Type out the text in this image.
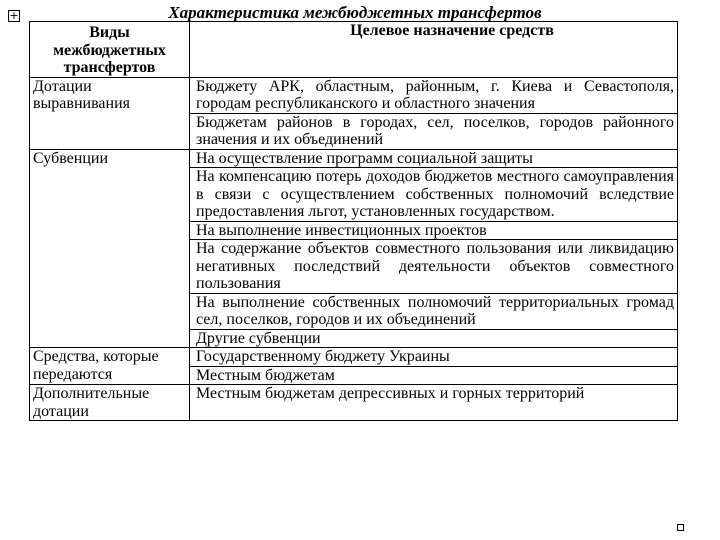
+	Характеристика межбюджетных трансфертов
Виды межбюджетных трансфертов	Целевое назначение средств
Дотации выравнивания	Бюджету АРК, областным, районным, г. Киева и Севастополя, городам республиканского и областного значения
	Бюджетам районов в городах, сел, поселков, городов районного значения и их объединений
Субвенции	На осуществление программ социальной защиты
	На компенсацию потерь доходов бюджетов местного самоуправления в связи с осуществлением собственных полномочий вследствие предоставления льгот, установленных государством.
	На выполнение инвестиционных проектов
	На содержание объектов совместного пользования или ликвидацию негативных последствий деятельности объектов совместного пользования
	На выполнение собственных полномочий территориальных громад сел, поселков, городов и их объединений
	Другие субвенции
Средства, которые передаются	Государственному бюджету Украины
	Местным бюджетам
Дополнительные дотации	Местным бюджетам депрессивных и горных территорий
